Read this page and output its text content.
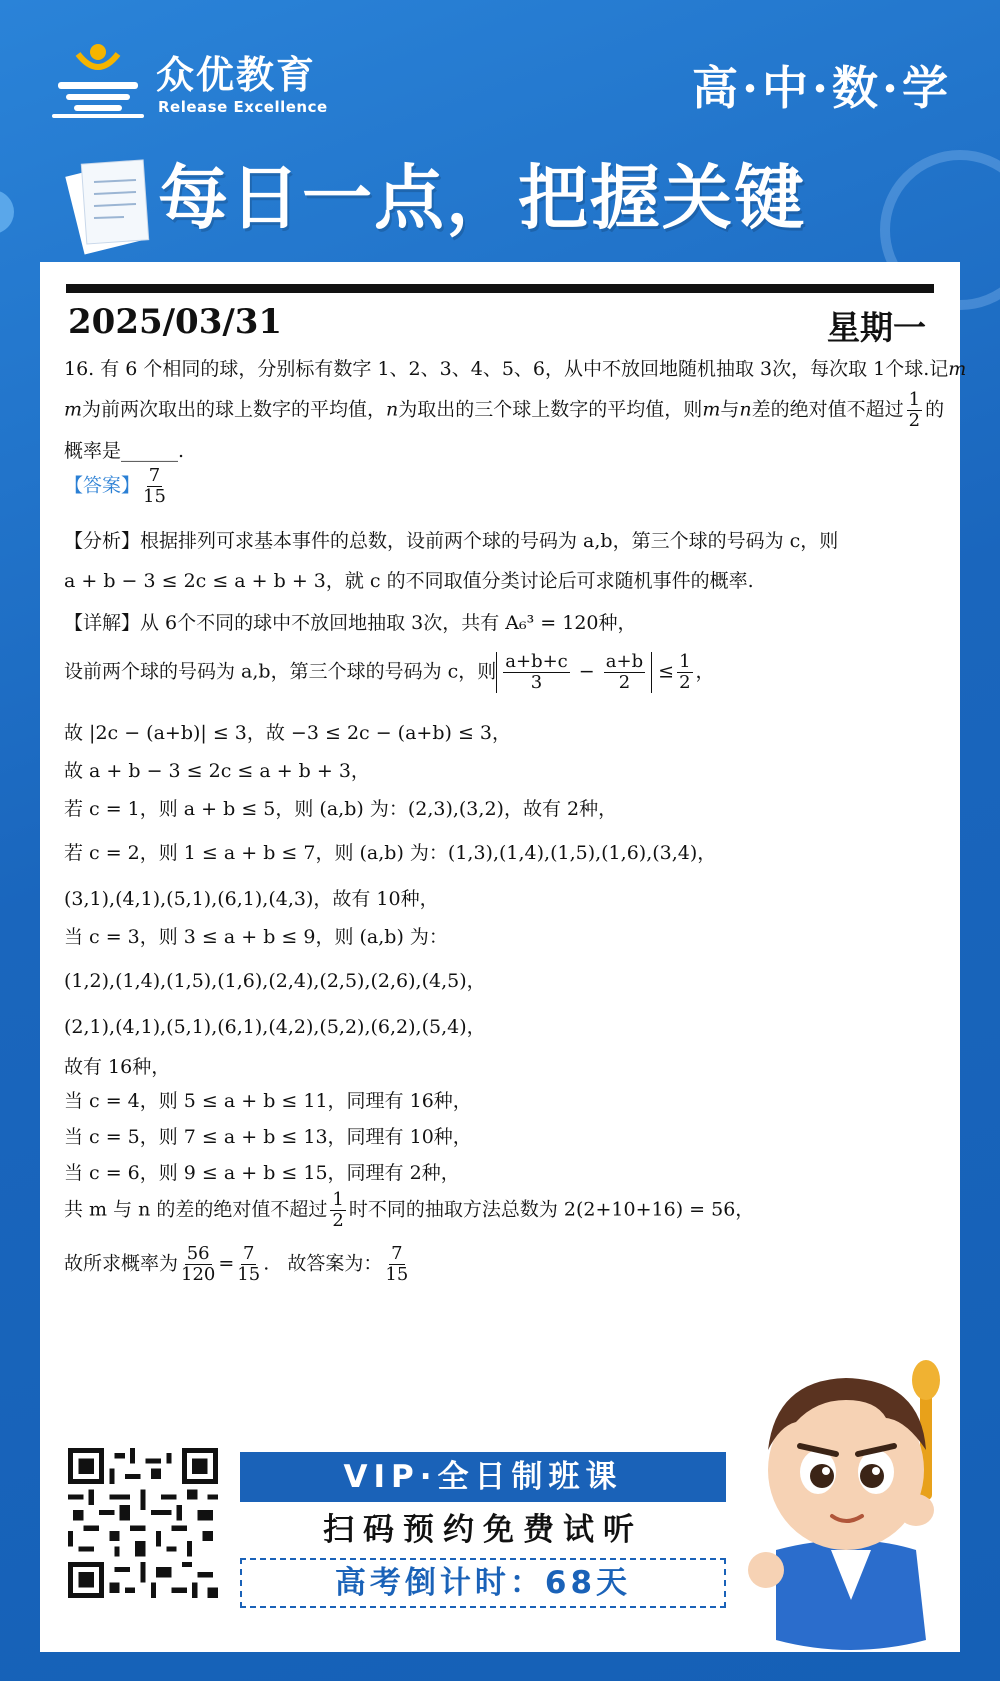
众优教育
Release Excellence	高·中·数·学
每日一点，把握关键
2025/03/31	星期一
16. 有 6 个相同的球，分别标有数字 1、2、3、4、5、6，从中不放回地随机抽取 3次，每次取 1个球.记m
m为前两次取出的球上数字的平均值，n为取出的三个球上数字的平均值，则m与n差的绝对值不超过 $\frac{1}{2}$ 的
概率是______.
【答案】 $\frac{7}{15}$
【分析】根据排列可求基本事件的总数，设前两个球的号码为 a,b，第三个球的号码为 c，则
a + b − 3 ≤ 2c ≤ a + b + 3，就 c 的不同取值分类讨论后可求随机事件的概率.
【详解】从 6个不同的球中不放回地抽取 3次，共有 A₆³ = 120种，
设前两个球的号码为 a,b，第三个球的号码为 c，则 $\frac{a+b+c}{3} - \frac{a+b}{2} \le \frac{1}{2}$ ，
故 |2c − (a+b)| ≤ 3，故 −3 ≤ 2c − (a+b) ≤ 3，
故 a + b − 3 ≤ 2c ≤ a + b + 3，
若 c = 1，则 a + b ≤ 5，则 (a,b) 为：(2,3),(3,2)，故有 2种，
若 c = 2，则 1 ≤ a + b ≤ 7，则 (a,b) 为：(1,3),(1,4),(1,5),(1,6),(3,4)，
(3,1),(4,1),(5,1),(6,1),(4,3)，故有 10种，
当 c = 3，则 3 ≤ a + b ≤ 9，则 (a,b) 为：
(1,2),(1,4),(1,5),(1,6),(2,4),(2,5),(2,6),(4,5)，
(2,1),(4,1),(5,1),(6,1),(4,2),(5,2),(6,2),(5,4)，
故有 16种，
当 c = 4，则 5 ≤ a + b ≤ 11，同理有 16种，
当 c = 5，则 7 ≤ a + b ≤ 13，同理有 10种，
当 c = 6，则 9 ≤ a + b ≤ 15，同理有 2种，
共 m 与 n 的差的绝对值不超过 $\frac{1}{2}$ 时不同的抽取方法总数为 2(2+10+16) = 56，
故所求概率为 $\frac{56}{120} = \frac{7}{15}$ .   故答案为： $\frac{7}{15}$
VIP·全日制班课
扫码预约免费试听
高考倒计时：68天
